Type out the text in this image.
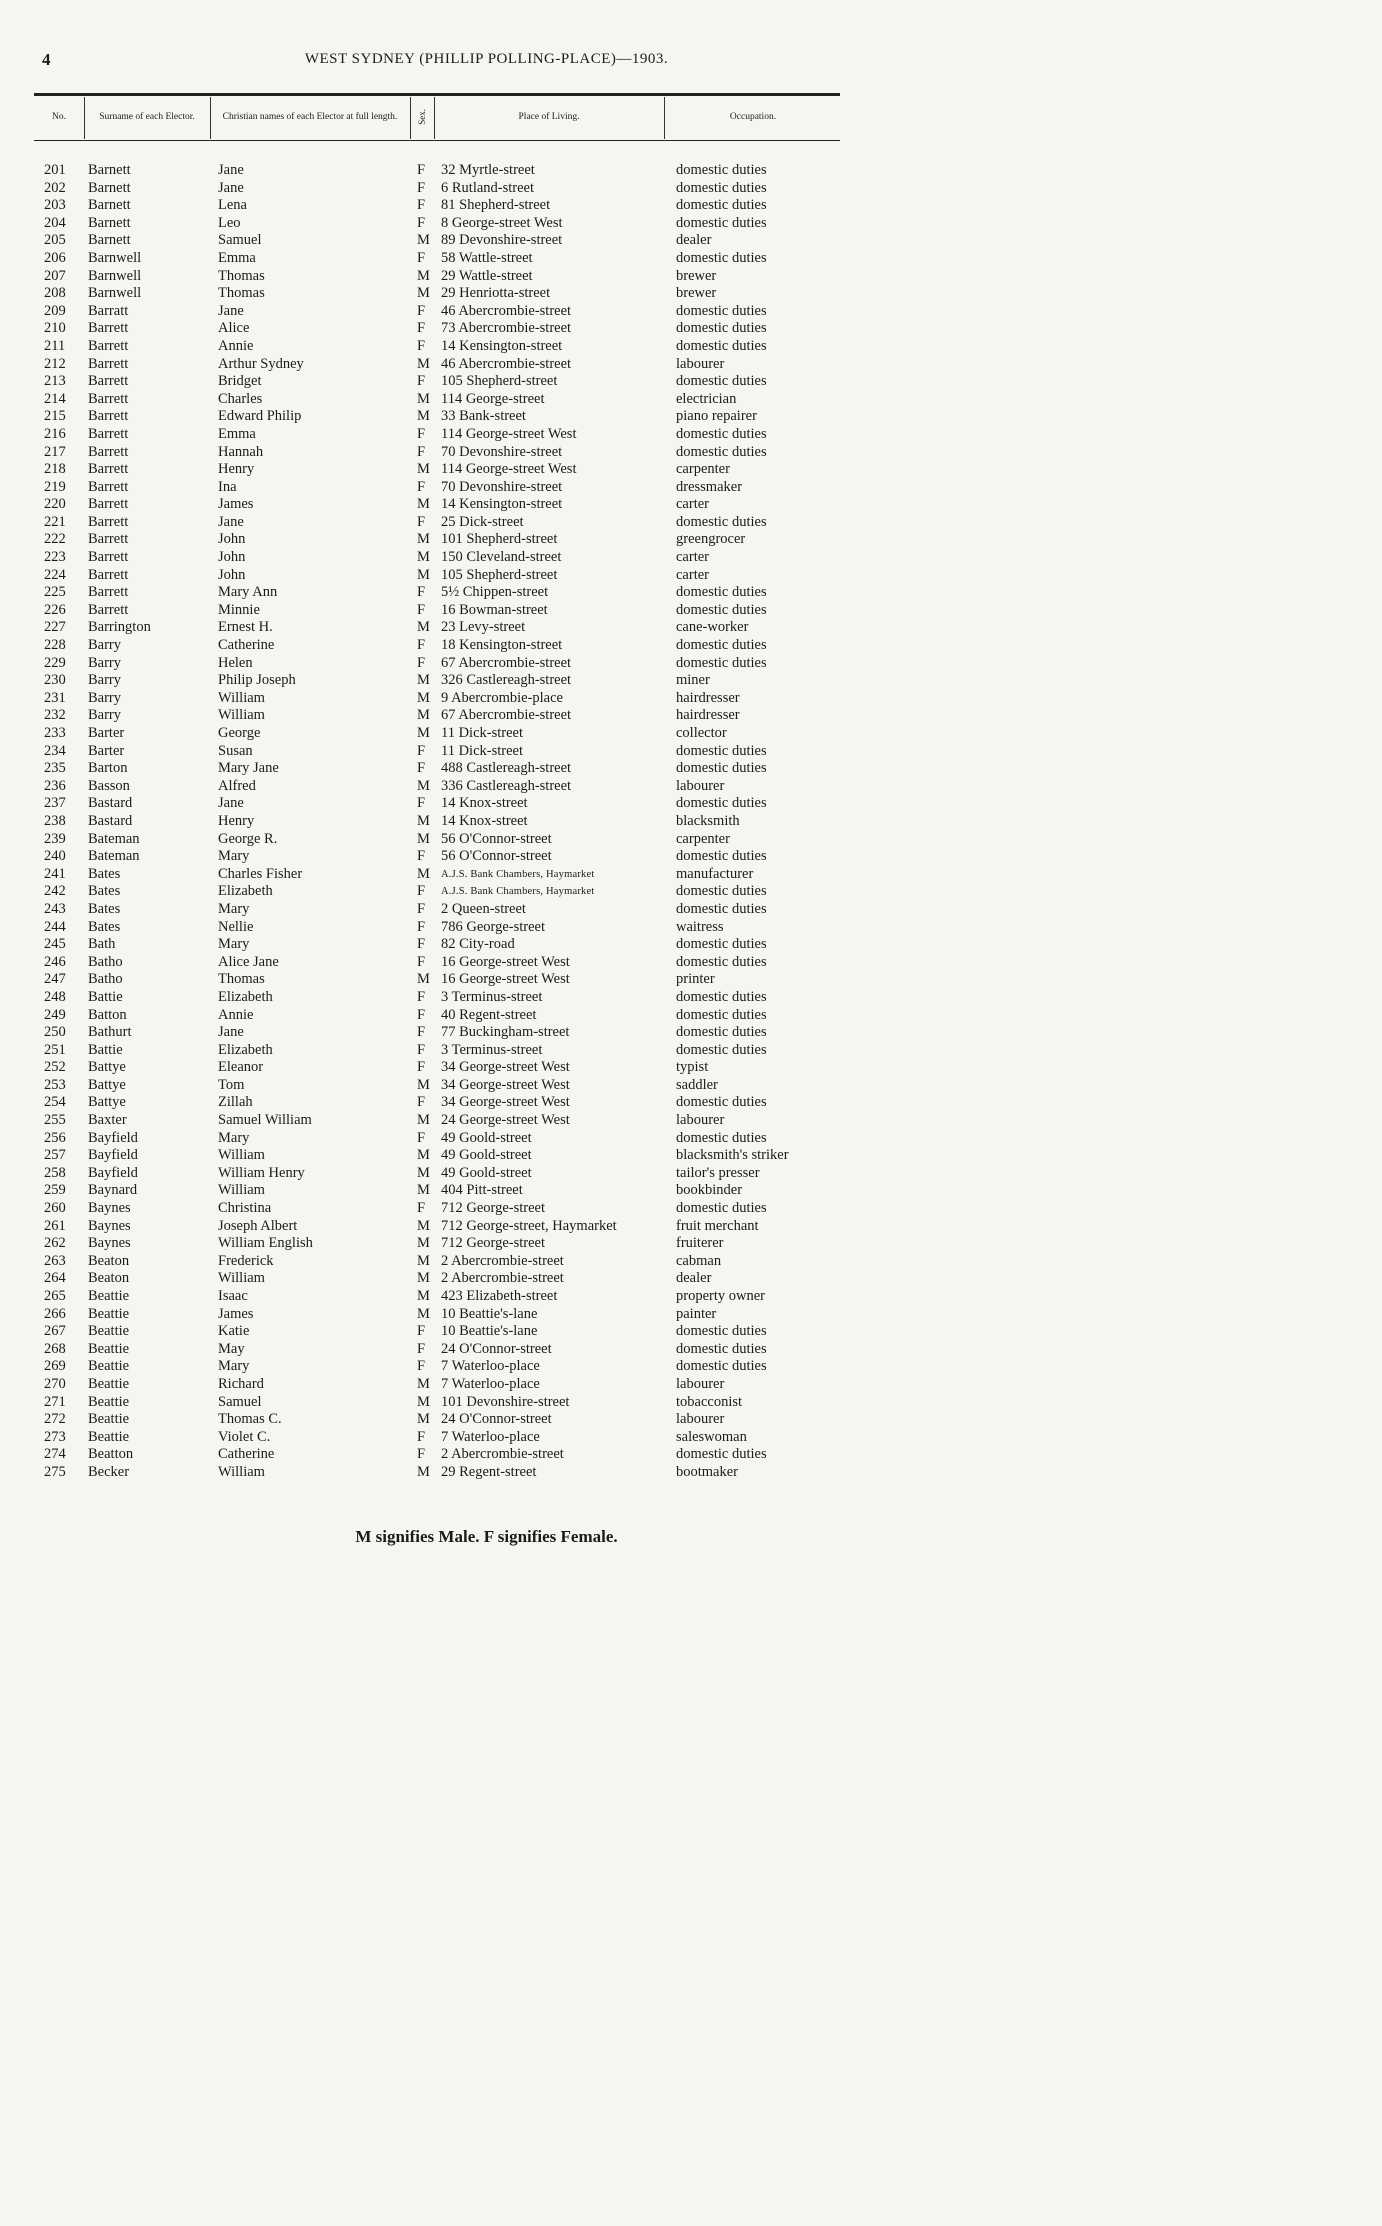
4	WEST SYDNEY (PHILLIP POLLING-PLACE)—1903.
No.	Surname of each Elector.	Christian names of each Elector at full length.	Sex.	Place of Living.	Occupation.
201 Barnett	Jane	F 32 Myrtle-street	domestic duties
202 Barnett	Jane	F 6 Rutland-street	domestic duties
203 Barnett	Lena	F 81 Shepherd-street	domestic duties
204 Barnett	Leo	F 8 George-street West	domestic duties
205 Barnett	Samuel	M 89 Devonshire-street	dealer
206 Barnwell	Emma	F 58 Wattle-street	domestic duties
207 Barnwell	Thomas	M 29 Wattle-street	brewer
208 Barnwell	Thomas	M 29 Henriotta-street	brewer
209 Barratt	Jane	F 46 Abercrombie-street	domestic duties
210 Barrett	Alice	F 73 Abercrombie-street	domestic duties
211 Barrett	Annie	F 14 Kensington-street	domestic duties
212 Barrett	Arthur Sydney	M 46 Abercrombie-street	labourer
213 Barrett	Bridget	F 105 Shepherd-street	domestic duties
214 Barrett	Charles	M 114 George-street	electrician
215 Barrett	Edward Philip	M 33 Bank-street	piano repairer
216 Barrett	Emma	F 114 George-street West	domestic duties
217 Barrett	Hannah	F 70 Devonshire-street	domestic duties
218 Barrett	Henry	M 114 George-street West	carpenter
219 Barrett	Ina	F 70 Devonshire-street	dressmaker
220 Barrett	James	M 14 Kensington-street	carter
221 Barrett	Jane	F 25 Dick-street	domestic duties
222 Barrett	John	M 101 Shepherd-street	greengrocer
223 Barrett	John	M 150 Cleveland-street	carter
224 Barrett	John	M 105 Shepherd-street	carter
225 Barrett	Mary Ann	F 5½ Chippen-street	domestic duties
226 Barrett	Minnie	F 16 Bowman-street	domestic duties
227 Barrington	Ernest H.	M 23 Levy-street	cane-worker
228 Barry	Catherine	F 18 Kensington-street	domestic duties
229 Barry	Helen	F 67 Abercrombie-street	domestic duties
230 Barry	Philip Joseph	M 326 Castlereagh-street	miner
231 Barry	William	M 9 Abercrombie-place	hairdresser
232 Barry	William	M 67 Abercrombie-street	hairdresser
233 Barter	George	M 11 Dick-street	collector
234 Barter	Susan	F 11 Dick-street	domestic duties
235 Barton	Mary Jane	F 488 Castlereagh-street	domestic duties
236 Basson	Alfred	M 336 Castlereagh-street	labourer
237 Bastard	Jane	F 14 Knox-street	domestic duties
238 Bastard	Henry	M 14 Knox-street	blacksmith
239 Bateman	George R.	M 56 O'Connor-street	carpenter
240 Bateman	Mary	F 56 O'Connor-street	domestic duties
241 Bates	Charles Fisher	M A.J.S. Bank Chambers, Haymarket	manufacturer
242 Bates	Elizabeth	F A.J.S. Bank Chambers, Haymarket	domestic duties
243 Bates	Mary	F 2 Queen-street	domestic duties
244 Bates	Nellie	F 786 George-street	waitress
245 Bath	Mary	F 82 City-road	domestic duties
246 Batho	Alice Jane	F 16 George-street West	domestic duties
247 Batho	Thomas	M 16 George-street West	printer
248 Battie	Elizabeth	F 3 Terminus-street	domestic duties
249 Batton	Annie	F 40 Regent-street	domestic duties
250 Bathurt	Jane	F 77 Buckingham-street	domestic duties
251 Battie	Elizabeth	F 3 Terminus-street	domestic duties
252 Battye	Eleanor	F 34 George-street West	typist
253 Battye	Tom	M 34 George-street West	saddler
254 Battye	Zillah	F 34 George-street West	domestic duties
255 Baxter	Samuel William	M 24 George-street West	labourer
256 Bayfield	Mary	F 49 Goold-street	domestic duties
257 Bayfield	William	M 49 Goold-street	blacksmith's striker
258 Bayfield	William Henry	M 49 Goold-street	tailor's presser
259 Baynard	William	M 404 Pitt-street	bookbinder
260 Baynes	Christina	F 712 George-street	domestic duties
261 Baynes	Joseph Albert	M 712 George-street, Haymarket	fruit merchant
262 Baynes	William English	M 712 George-street	fruiterer
263 Beaton	Frederick	M 2 Abercrombie-street	cabman
264 Beaton	William	M 2 Abercrombie-street	dealer
265 Beattie	Isaac	M 423 Elizabeth-street	property owner
266 Beattie	James	M 10 Beattie's-lane	painter
267 Beattie	Katie	F 10 Beattie's-lane	domestic duties
268 Beattie	May	F 24 O'Connor-street	domestic duties
269 Beattie	Mary	F 7 Waterloo-place	domestic duties
270 Beattie	Richard	M 7 Waterloo-place	labourer
271 Beattie	Samuel	M 101 Devonshire-street	tobacconist
272 Beattie	Thomas C.	M 24 O'Connor-street	labourer
273 Beattie	Violet C.	F 7 Waterloo-place	saleswoman
274 Beatton	Catherine	F 2 Abercrombie-street	domestic duties
275 Becker	William	M 29 Regent-street	bootmaker
M signifies Male. F signifies Female.
